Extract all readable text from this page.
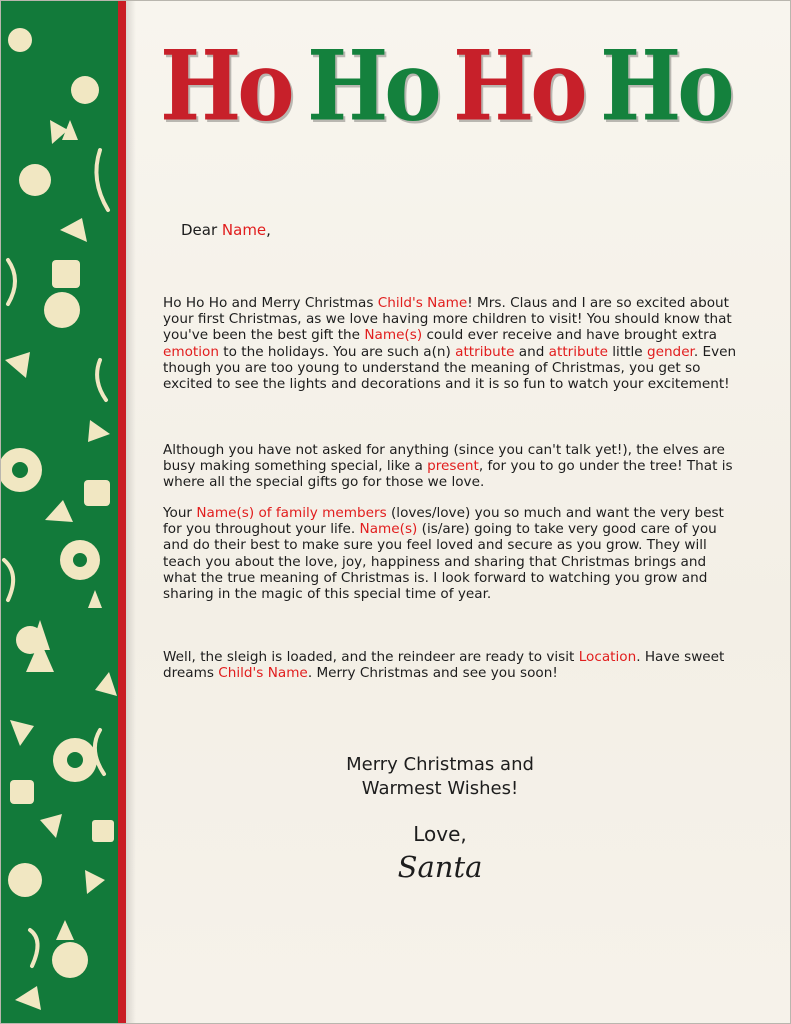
Ho Ho Ho Ho
Dear Name,
Ho Ho Ho and Merry Christmas Child's Name! Mrs. Claus and I are so excited about your first Christmas, as we love having more children to visit! You should know that you've been the best gift the Name(s) could ever receive and have brought extra emotion to the holidays. You are such a(n) attribute and attribute little gender. Even though you are too young to understand the meaning of Christmas, you get so excited to see the lights and decorations and it is so fun to watch your excitement!
Although you have not asked for anything (since you can't talk yet!), the elves are busy making something special, like a present, for you to go under the tree! That is where all the special gifts go for those we love.
Your Name(s) of family members (loves/love) you so much and want the very best for you throughout your life. Name(s) (is/are) going to take very good care of you and do their best to make sure you feel loved and secure as you grow. They will teach you about the love, joy, happiness and sharing that Christmas brings and what the true meaning of Christmas is. I look forward to watching you grow and sharing in the magic of this special time of year.
Well, the sleigh is loaded, and the reindeer are ready to visit Location. Have sweet dreams Child's Name. Merry Christmas and see you soon!
Merry Christmas and
Warmest Wishes!
Love,
Santa
